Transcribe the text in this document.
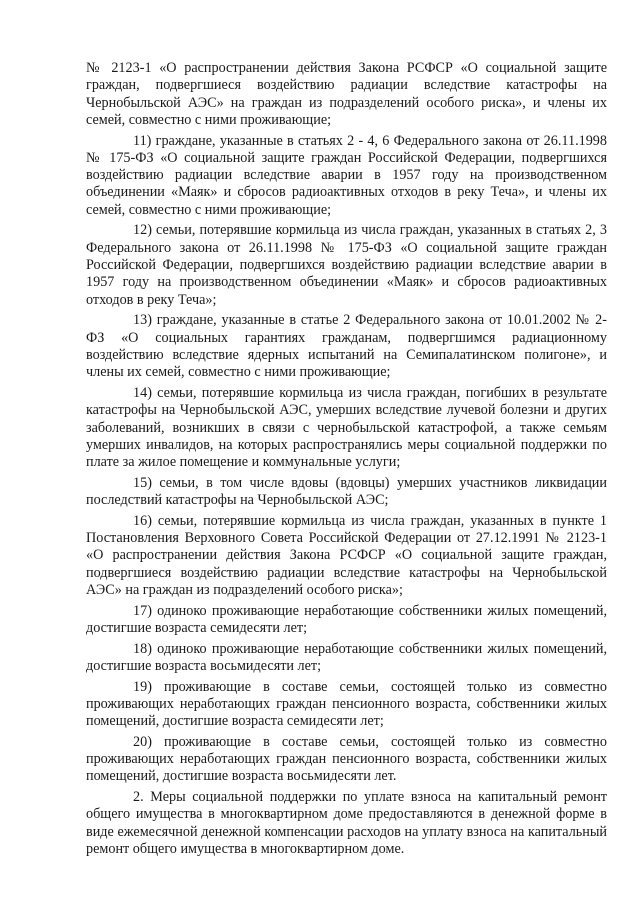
№ 2123-1 «О распространении действия Закона РСФСР «О социальной защите граждан, подвергшиеся воздействию радиации вследствие катастрофы на Чернобыльской АЭС» на граждан из подразделений особого риска», и члены их семей, совместно с ними проживающие;

11) граждане, указанные в статьях 2 - 4, 6 Федерального закона от 26.11.1998 № 175-ФЗ «О социальной защите граждан Российской Федерации, подвергшихся воздействию радиации вследствие аварии в 1957 году на производственном объединении «Маяк» и сбросов радиоактивных отходов в реку Теча», и члены их семей, совместно с ними проживающие;

12) семьи, потерявшие кормильца из числа граждан, указанных в статьях 2, 3 Федерального закона от 26.11.1998 № 175-ФЗ «О социальной защите граждан Российской Федерации, подвергшихся воздействию радиации вследствие аварии в 1957 году на производственном объединении «Маяк» и сбросов радиоактивных отходов в реку Теча»;

13) граждане, указанные в статье 2 Федерального закона от 10.01.2002 № 2-ФЗ «О социальных гарантиях гражданам, подвергшимся радиационному воздействию вследствие ядерных испытаний на Семипалатинском полигоне», и члены их семей, совместно с ними проживающие;

14) семьи, потерявшие кормильца из числа граждан, погибших в результате катастрофы на Чернобыльской АЭС, умерших вследствие лучевой болезни и других заболеваний, возникших в связи с чернобыльской катастрофой, а также семьям умерших инвалидов, на которых распространялись меры социальной поддержки по плате за жилое помещение и коммунальные услуги;

15) семьи, в том числе вдовы (вдовцы) умерших участников ликвидации последствий катастрофы на Чернобыльской АЭС;

16) семьи, потерявшие кормильца из числа граждан, указанных в пункте 1 Постановления Верховного Совета Российской Федерации от 27.12.1991 № 2123-1 «О распространении действия Закона РСФСР «О социальной защите граждан, подвергшиеся воздействию радиации вследствие катастрофы на Чернобыльской АЭС» на граждан из подразделений особого риска»;

17) одиноко проживающие неработающие собственники жилых помещений, достигшие возраста семидесяти лет;

18) одиноко проживающие неработающие собственники жилых помещений, достигшие возраста восьмидесяти лет;

19) проживающие в составе семьи, состоящей только из совместно проживающих неработающих граждан пенсионного возраста, собственники жилых помещений, достигшие возраста семидесяти лет;

20) проживающие в составе семьи, состоящей только из совместно проживающих неработающих граждан пенсионного возраста, собственники жилых помещений, достигшие возраста восьмидесяти лет.

2. Меры социальной поддержки по уплате взноса на капитальный ремонт общего имущества в многоквартирном доме предоставляются в денежной форме в виде ежемесячной денежной компенсации расходов на уплату взноса на капитальный ремонт общего имущества в многоквартирном доме.
